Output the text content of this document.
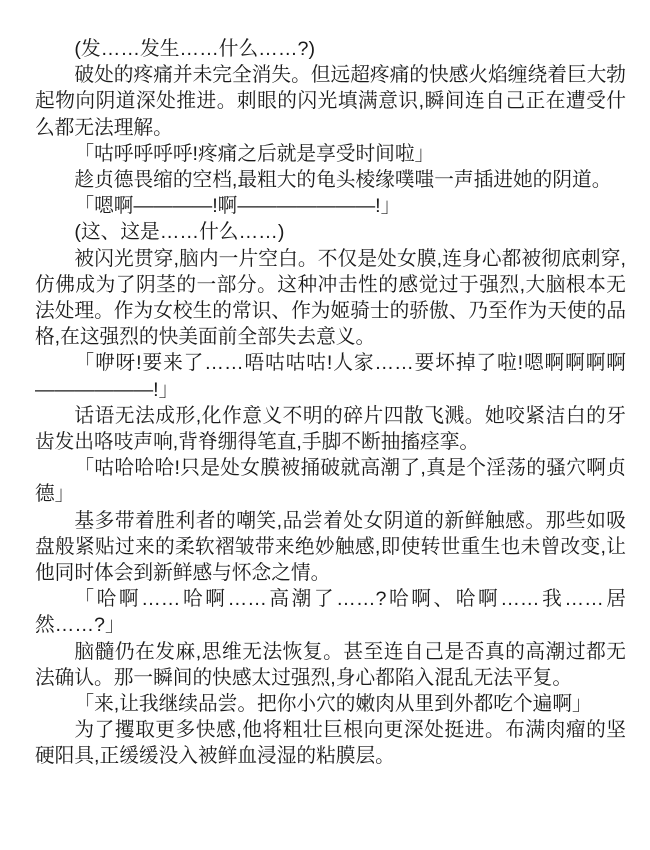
(发……发生……什么……?)

破处的疼痛并未完全消失。但远超疼痛的快感火焰缠绕着巨大勃起物向阴道深处推进。刺眼的闪光填满意识,瞬间连自己正在遭受什么都无法理解。

「咕呼呼呼呼!疼痛之后就是享受时间啦」

趁贞德畏缩的空档,最粗大的龟头棱缘噗嗤一声插进她的阴道。

「嗯啊————!啊———————!」

(这、这是……什么……)

被闪光贯穿,脑内一片空白。不仅是处女膜,连身心都被彻底刺穿,仿佛成为了阴茎的一部分。这种冲击性的感觉过于强烈,大脑根本无法处理。作为女校生的常识、作为姬骑士的骄傲、乃至作为天使的品格,在这强烈的快美面前全部失去意义。

「咿呀!要来了……唔咕咕咕!人家……要坏掉了啦!嗯啊啊啊啊——————!」

话语无法成形,化作意义不明的碎片四散飞溅。她咬紧洁白的牙齿发出咯吱声响,背脊绷得笔直,手脚不断抽搐痉挛。

「咕哈哈哈!只是处女膜被捅破就高潮了,真是个淫荡的骚穴啊贞德」

基多带着胜利者的嘲笑,品尝着处女阴道的新鲜触感。那些如吸盘般紧贴过来的柔软褶皱带来绝妙触感,即使转世重生也未曾改变,让他同时体会到新鲜感与怀念之情。

「哈啊……哈啊……高潮了……?哈啊、哈啊……我……居然……?」

脑髓仍在发麻,思维无法恢复。甚至连自己是否真的高潮过都无法确认。那一瞬间的快感太过强烈,身心都陷入混乱无法平复。

「来,让我继续品尝。把你小穴的嫩肉从里到外都吃个遍啊」

为了攫取更多快感,他将粗壮巨根向更深处挺进。布满肉瘤的坚硬阳具,正缓缓没入被鲜血浸湿的粘膜层。
